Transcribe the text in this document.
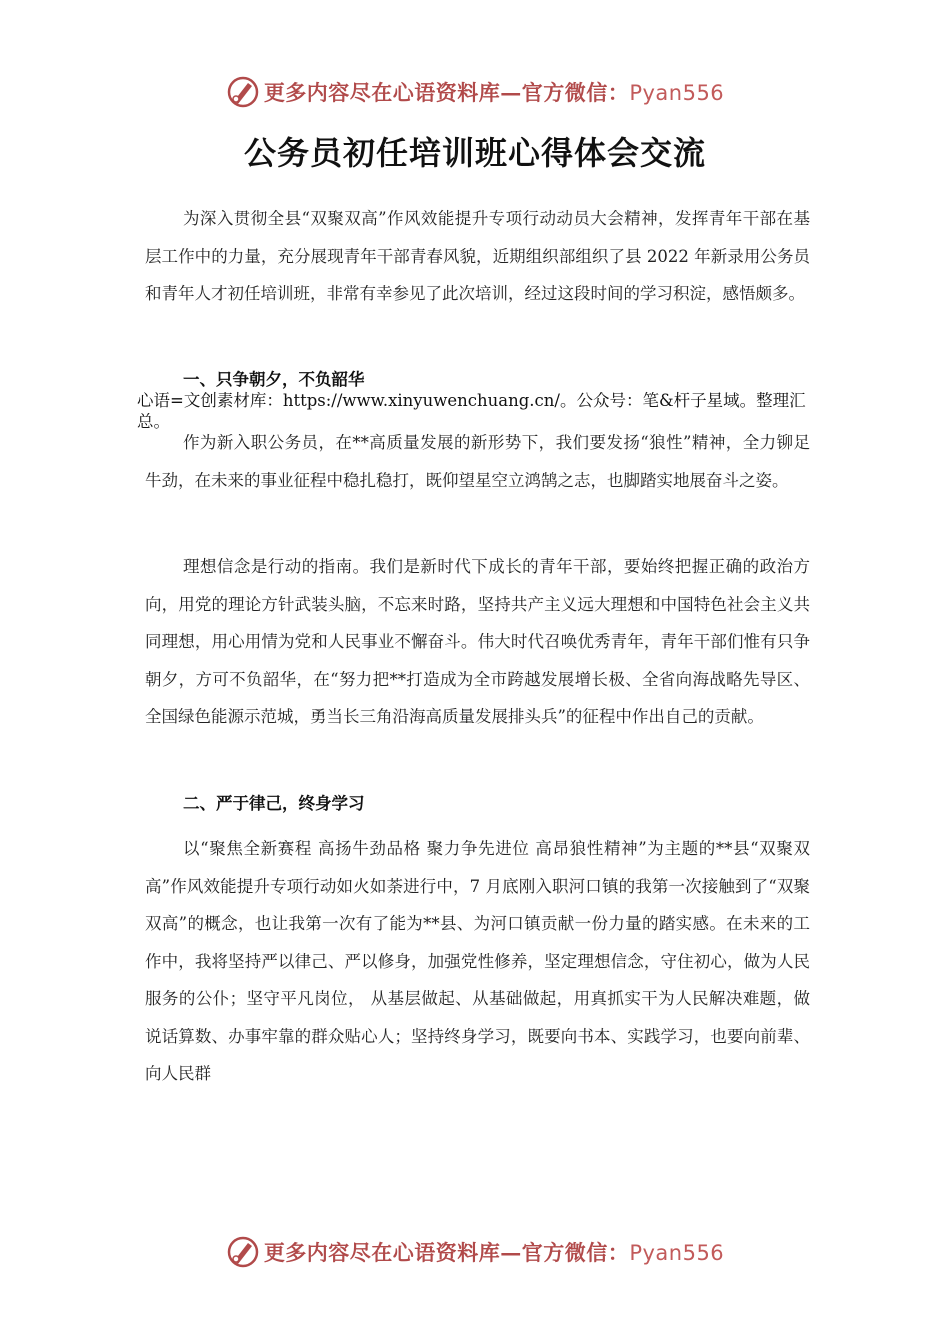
更多内容尽在心语资料库—官方微信：Pyan556
公务员初任培训班心得体会交流

为深入贯彻全县“双聚双高”作风效能提升专项行动动员大会精神，发挥青年干部在基层工作中的力量，充分展现青年干部青春风貌，近期组织部组织了县 2022 年新录用公务员和青年人才初任培训班，非常有幸参见了此次培训，经过这段时间的学习积淀，感悟颇多。

一、只争朝夕，不负韶华

心语=文创素材库：https://www.xinyuwenchuang.cn/。公众号：笔&杆子星域。整理汇总。

作为新入职公务员，在**高质量发展的新形势下，我们要发扬“狼性”精神，全力铆足牛劲，在未来的事业征程中稳扎稳打，既仰望星空立鸿鹄之志，也脚踏实地展奋斗之姿。

理想信念是行动的指南。我们是新时代下成长的青年干部，要始终把握正确的政治方向，用党的理论方针武装头脑，不忘来时路，坚持共产主义远大理想和中国特色社会主义共同理想，用心用情为党和人民事业不懈奋斗。伟大时代召唤优秀青年，青年干部们惟有只争朝夕，方可不负韶华，在“努力把**打造成为全市跨越发展增长极、全省向海战略先导区、全国绿色能源示范城，勇当长三角沿海高质量发展排头兵”的征程中作出自己的贡献。

二、严于律己，终身学习

以“聚焦全新赛程 高扬牛劲品格 聚力争先进位 高昂狼性精神”为主题的**县“双聚双高”作风效能提升专项行动如火如荼进行中，7 月底刚入职河口镇的我第一次接触到了“双聚双高”的概念，也让我第一次有了能为**县、为河口镇贡献一份力量的踏实感。在未来的工作中，我将坚持严以律己、严以修身，加强党性修养，坚定理想信念，守住初心，做为人民服务的公仆；坚守平凡岗位， 从基层做起、从基础做起，用真抓实干为人民解决难题，做说话算数、办事牢靠的群众贴心人；坚持终身学习，既要向书本、实践学习，也要向前辈、向人民群

更多内容尽在心语资料库—官方微信：Pyan556
